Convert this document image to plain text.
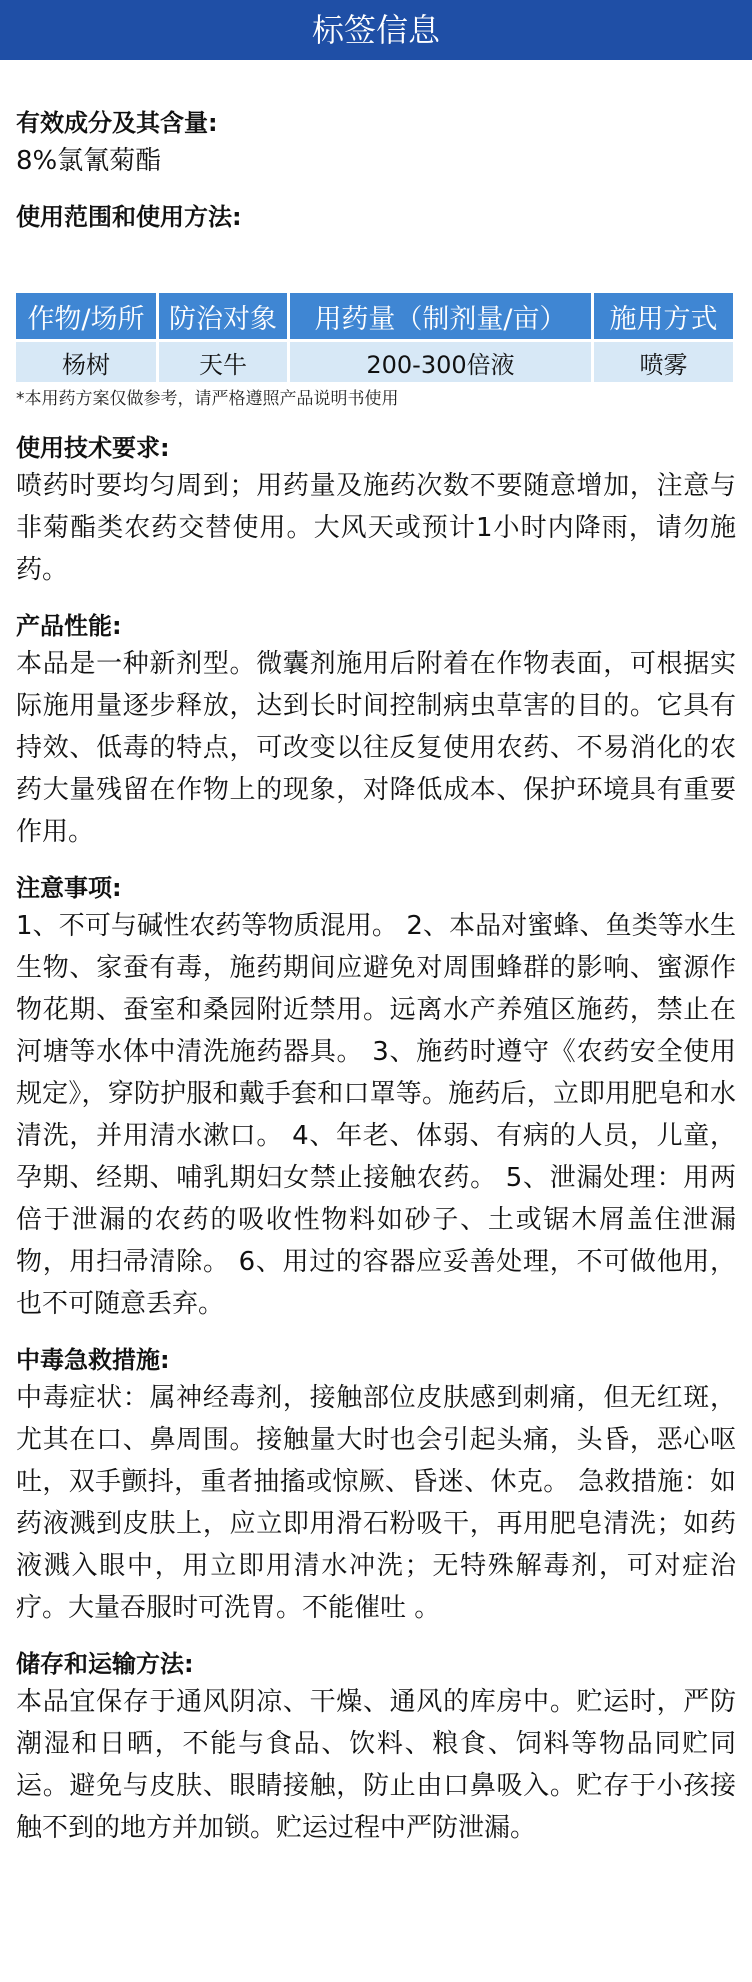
标签信息
有效成分及其含量:

8%氯氰菊酯

使用范围和使用方法:
作物/场所	防治对象	用药量（制剂量/亩）	施用方式
杨树	天牛	200-300倍液	喷雾

*本用药方案仅做参考，请严格遵照产品说明书使用

使用技术要求:

喷药时要均匀周到；用药量及施药次数不要随意增加，注意与非菊酯类农药交替使用。大风天或预计1小时内降雨，请勿施药。

产品性能:

本品是一种新剂型。微囊剂施用后附着在作物表面，可根据实际施用量逐步释放，达到长时间控制病虫草害的目的。它具有持效、低毒的特点，可改变以往反复使用农药、不易消化的农药大量残留在作物上的现象，对降低成本、保护环境具有重要作用。

注意事项:

1、不可与碱性农药等物质混用。 2、本品对蜜蜂、鱼类等水生生物、家蚕有毒，施药期间应避免对周围蜂群的影响、蜜源作物花期、蚕室和桑园附近禁用。远离水产养殖区施药，禁止在河塘等水体中清洗施药器具。 3、施药时遵守《农药安全使用规定》，穿防护服和戴手套和口罩等。施药后，立即用肥皂和水清洗，并用清水漱口。 4、年老、体弱、有病的人员，儿童，孕期、经期、哺乳期妇女禁止接触农药。 5、泄漏处理：用两倍于泄漏的农药的吸收性物料如砂子、土或锯木屑盖住泄漏物，用扫帚清除。 6、用过的容器应妥善处理，不可做他用，也不可随意丢弃。

中毒急救措施:

中毒症状：属神经毒剂，接触部位皮肤感到刺痛，但无红斑，尤其在口、鼻周围。接触量大时也会引起头痛，头昏，恶心呕吐，双手颤抖，重者抽搐或惊厥、昏迷、休克。 急救措施：如药液溅到皮肤上，应立即用滑石粉吸干，再用肥皂清洗；如药液溅入眼中，用立即用清水冲洗；无特殊解毒剂，可对症治疗。大量吞服时可洗胃。不能催吐 。

储存和运输方法:

本品宜保存于通风阴凉、干燥、通风的库房中。贮运时，严防潮湿和日晒，不能与食品、饮料、粮食、饲料等物品同贮同运。避免与皮肤、眼睛接触，防止由口鼻吸入。贮存于小孩接触不到的地方并加锁。贮运过程中严防泄漏。
